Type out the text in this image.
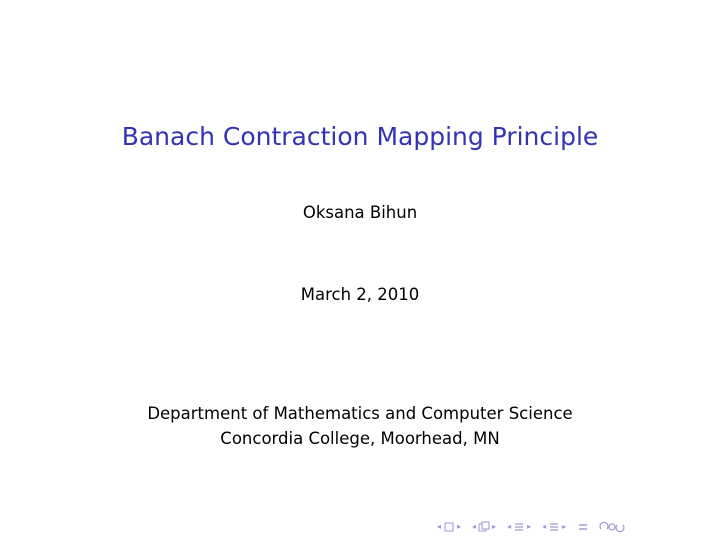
Banach Contraction Mapping Principle
Oksana Bihun
March 2, 2010
Department of Mathematics and Computer Science
Concordia College, Moorhead, MN
◂ ▸ ◂ ▸ ◂ ▸ ◂ ▸
